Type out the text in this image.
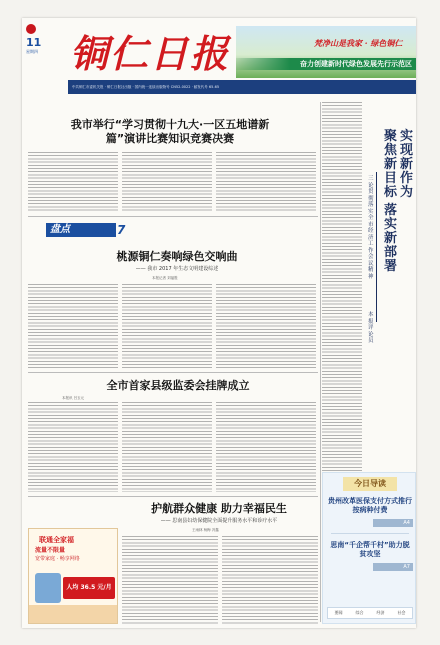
11
星期四 铜仁日报	梵净山是我家 · 绿色铜仁
奋力创建新时代绿色发展先行示范区
中共铜仁市委机关报 · 铜仁日报社出版 · 国内统一连续出版物号 CN52-0022 · 邮发代号 65-65
我市举行“学习贯彻十九大·一区五地谱新篇”演讲比赛知识竞赛决赛
盘点	2017
桃源铜仁奏响绿色交响曲
—— 我市 2017 年生态文明建设综述
本报记者 刘福胜
全市首家县级监委会挂牌成立
本报讯 吕玉元
联通全家福
流量不限量
宽带家庭 · 畅享网络
人均 36.5 元/月
护航群众健康 助力幸福民生
—— 思南县妇幼保健院全面提升服务水平和诊疗水平
王雨林 杨梅 冯鑫
聚
焦
新
目
标
落
实
新
部
署
实现新作为
三论贯彻落实全市经济工作会议精神
本报评论员
今日导读
贵州改革医保支付方式推行按病种付费
A4
思南“千企帮千村”助力脱贫攻坚
A7
要闻	综合	经济	社会
